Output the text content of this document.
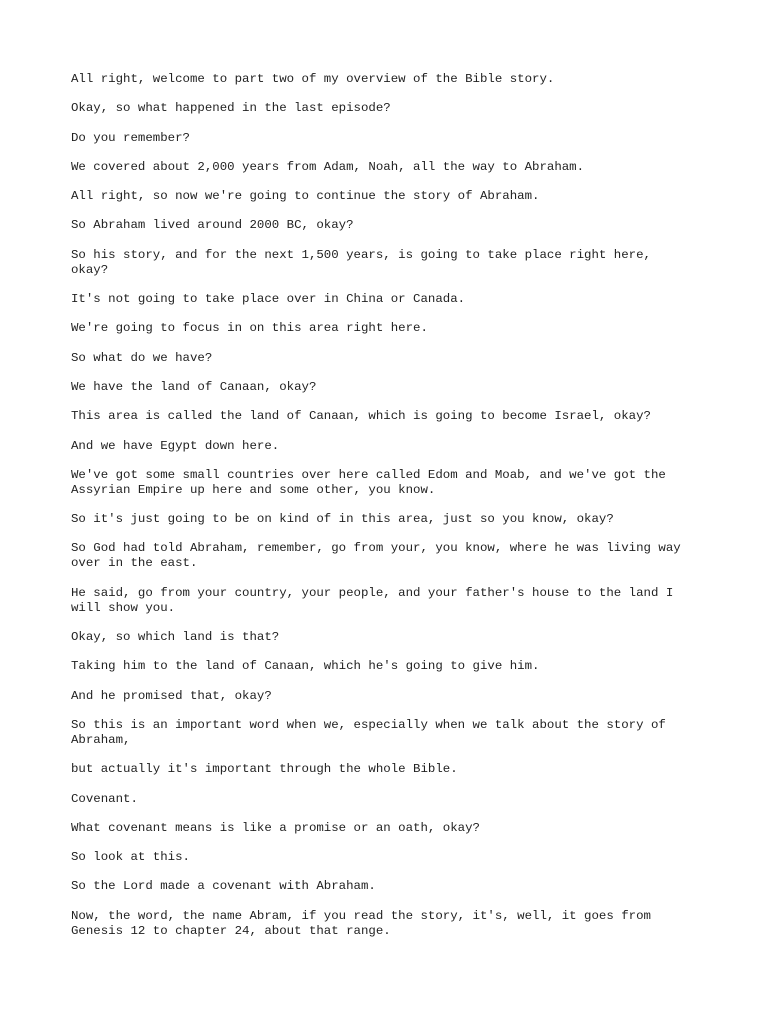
All right, welcome to part two of my overview of the Bible story.

Okay, so what happened in the last episode?

Do you remember?

We covered about 2,000 years from Adam, Noah, all the way to Abraham.

All right, so now we're going to continue the story of Abraham.

So Abraham lived around 2000 BC, okay?

So his story, and for the next 1,500 years, is going to take place right here,
okay?

It's not going to take place over in China or Canada.

We're going to focus in on this area right here.

So what do we have?

We have the land of Canaan, okay?

This area is called the land of Canaan, which is going to become Israel, okay?

And we have Egypt down here.

We've got some small countries over here called Edom and Moab, and we've got the
Assyrian Empire up here and some other, you know.

So it's just going to be on kind of in this area, just so you know, okay?

So God had told Abraham, remember, go from your, you know, where he was living way
over in the east.

He said, go from your country, your people, and your father's house to the land I
will show you.

Okay, so which land is that?

Taking him to the land of Canaan, which he's going to give him.

And he promised that, okay?

So this is an important word when we, especially when we talk about the story of
Abraham,

but actually it's important through the whole Bible.

Covenant.

What covenant means is like a promise or an oath, okay?

So look at this.

So the Lord made a covenant with Abraham.

Now, the word, the name Abram, if you read the story, it's, well, it goes from
Genesis 12 to chapter 24, about that range.
